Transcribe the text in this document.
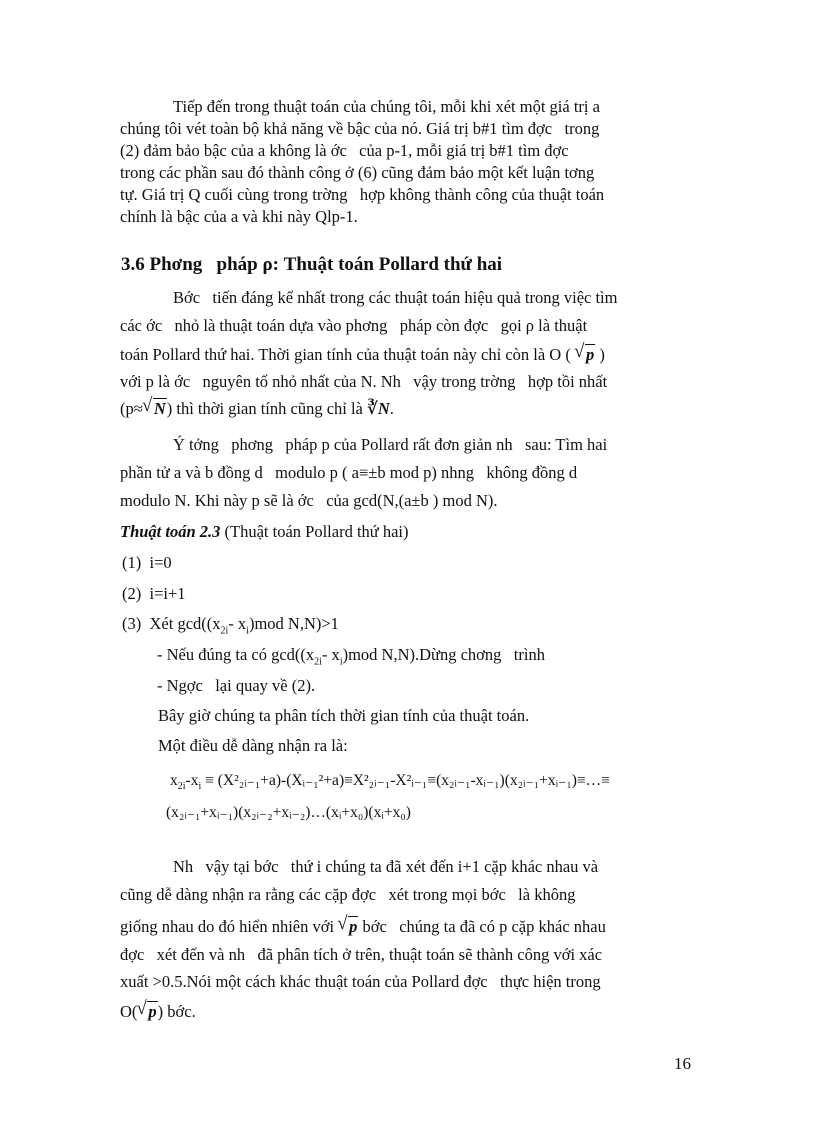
Tiếp đến trong thuật toán của chúng tôi, mỗi khi xét một giá trị a
chúng tôi vét toàn bộ khả năng về bậc của nó. Giá trị b#1 tìm đợc   trong
(2) đảm bảo bậc của a không là ớc   của p-1, mỗi giá trị b#1 tìm đợc
trong các phần sau đó thành công ở (6) cũng đảm bảo một kết luận tơng
tự. Giá trị Q cuối cùng trong trờng   hợp không thành công của thuật toán
chính là bậc của a và khi này Qlp-1.
3.6 Phơng   pháp ρ: Thuật toán Pollard thứ hai
Bớc   tiến đáng kể nhất trong các thuật toán hiệu quả trong việc tìm
các ớc   nhỏ là thuật toán dựa vào phơng   pháp còn đợc   gọi ρ là thuật
toán Pollard thứ hai. Thời gian tính của thuật toán này chỉ còn là O ( √ p )
với p là ớc   nguyên tố nhỏ nhất của N. Nh   vậy trong trờng   hợp tồi nhất
(p≈ √ N) thì thời gian tính cũng chỉ là ∛N.
Ý tởng   phơng   pháp p của Pollard rất đơn giản nh   sau: Tìm hai
phần tử a và b đồng d   modulo p ( a≡±b mod p) nhng   không đồng d
modulo N. Khi này p sẽ là ớc   của gcd(N,(a±b ) mod N).
Thuật toán 2.3 (Thuật toán Pollard thứ hai)
(1)  i=0
(2)  i=i+1
(3)  Xét $\gcd((x_{2i}-$ $x_i)mod$ N,N)>1
- Nếu đúng ta có $\gcd((x_{2i}-$ $x_i)mod$ N,N).Dừng chơng   trình
- Ngợc   lại quay về (2).
Bây giờ chúng ta phân tích thời gian tính của thuật toán.
Một điều dễ dàng nhận ra là:
$x_{2i}-x_i$ ≡ (X²₂ᵢ₋₁+a)-(Xᵢ₋₁²+a)≡X²₂ᵢ₋₁-X²ᵢ₋₁≡(x₂ᵢ₋₁-xᵢ₋₁)(x₂ᵢ₋₁+xᵢ₋₁)≡…≡
(x₂ᵢ₋₁+xᵢ₋₁)(x₂ᵢ₋₂+xᵢ₋₂)…(xᵢ+x₀)(xᵢ+x₀)
Nh   vậy tại bớc   thứ i chúng ta đã xét đến i+1 cặp khác nhau và
cũng dễ dàng nhận ra rằng các cặp đợc   xét trong mọi bớc   là không
giống nhau do đó hiển nhiên với √ p bớc   chúng ta đã có p cặp khác nhau
đợc   xét đến và nh   đã phân tích ở trên, thuật toán sẽ thành công với xác
xuất >0.5.Nói một cách khác thuật toán của Pollard đợc   thực hiện trong
O( √ p) bớc.
16
